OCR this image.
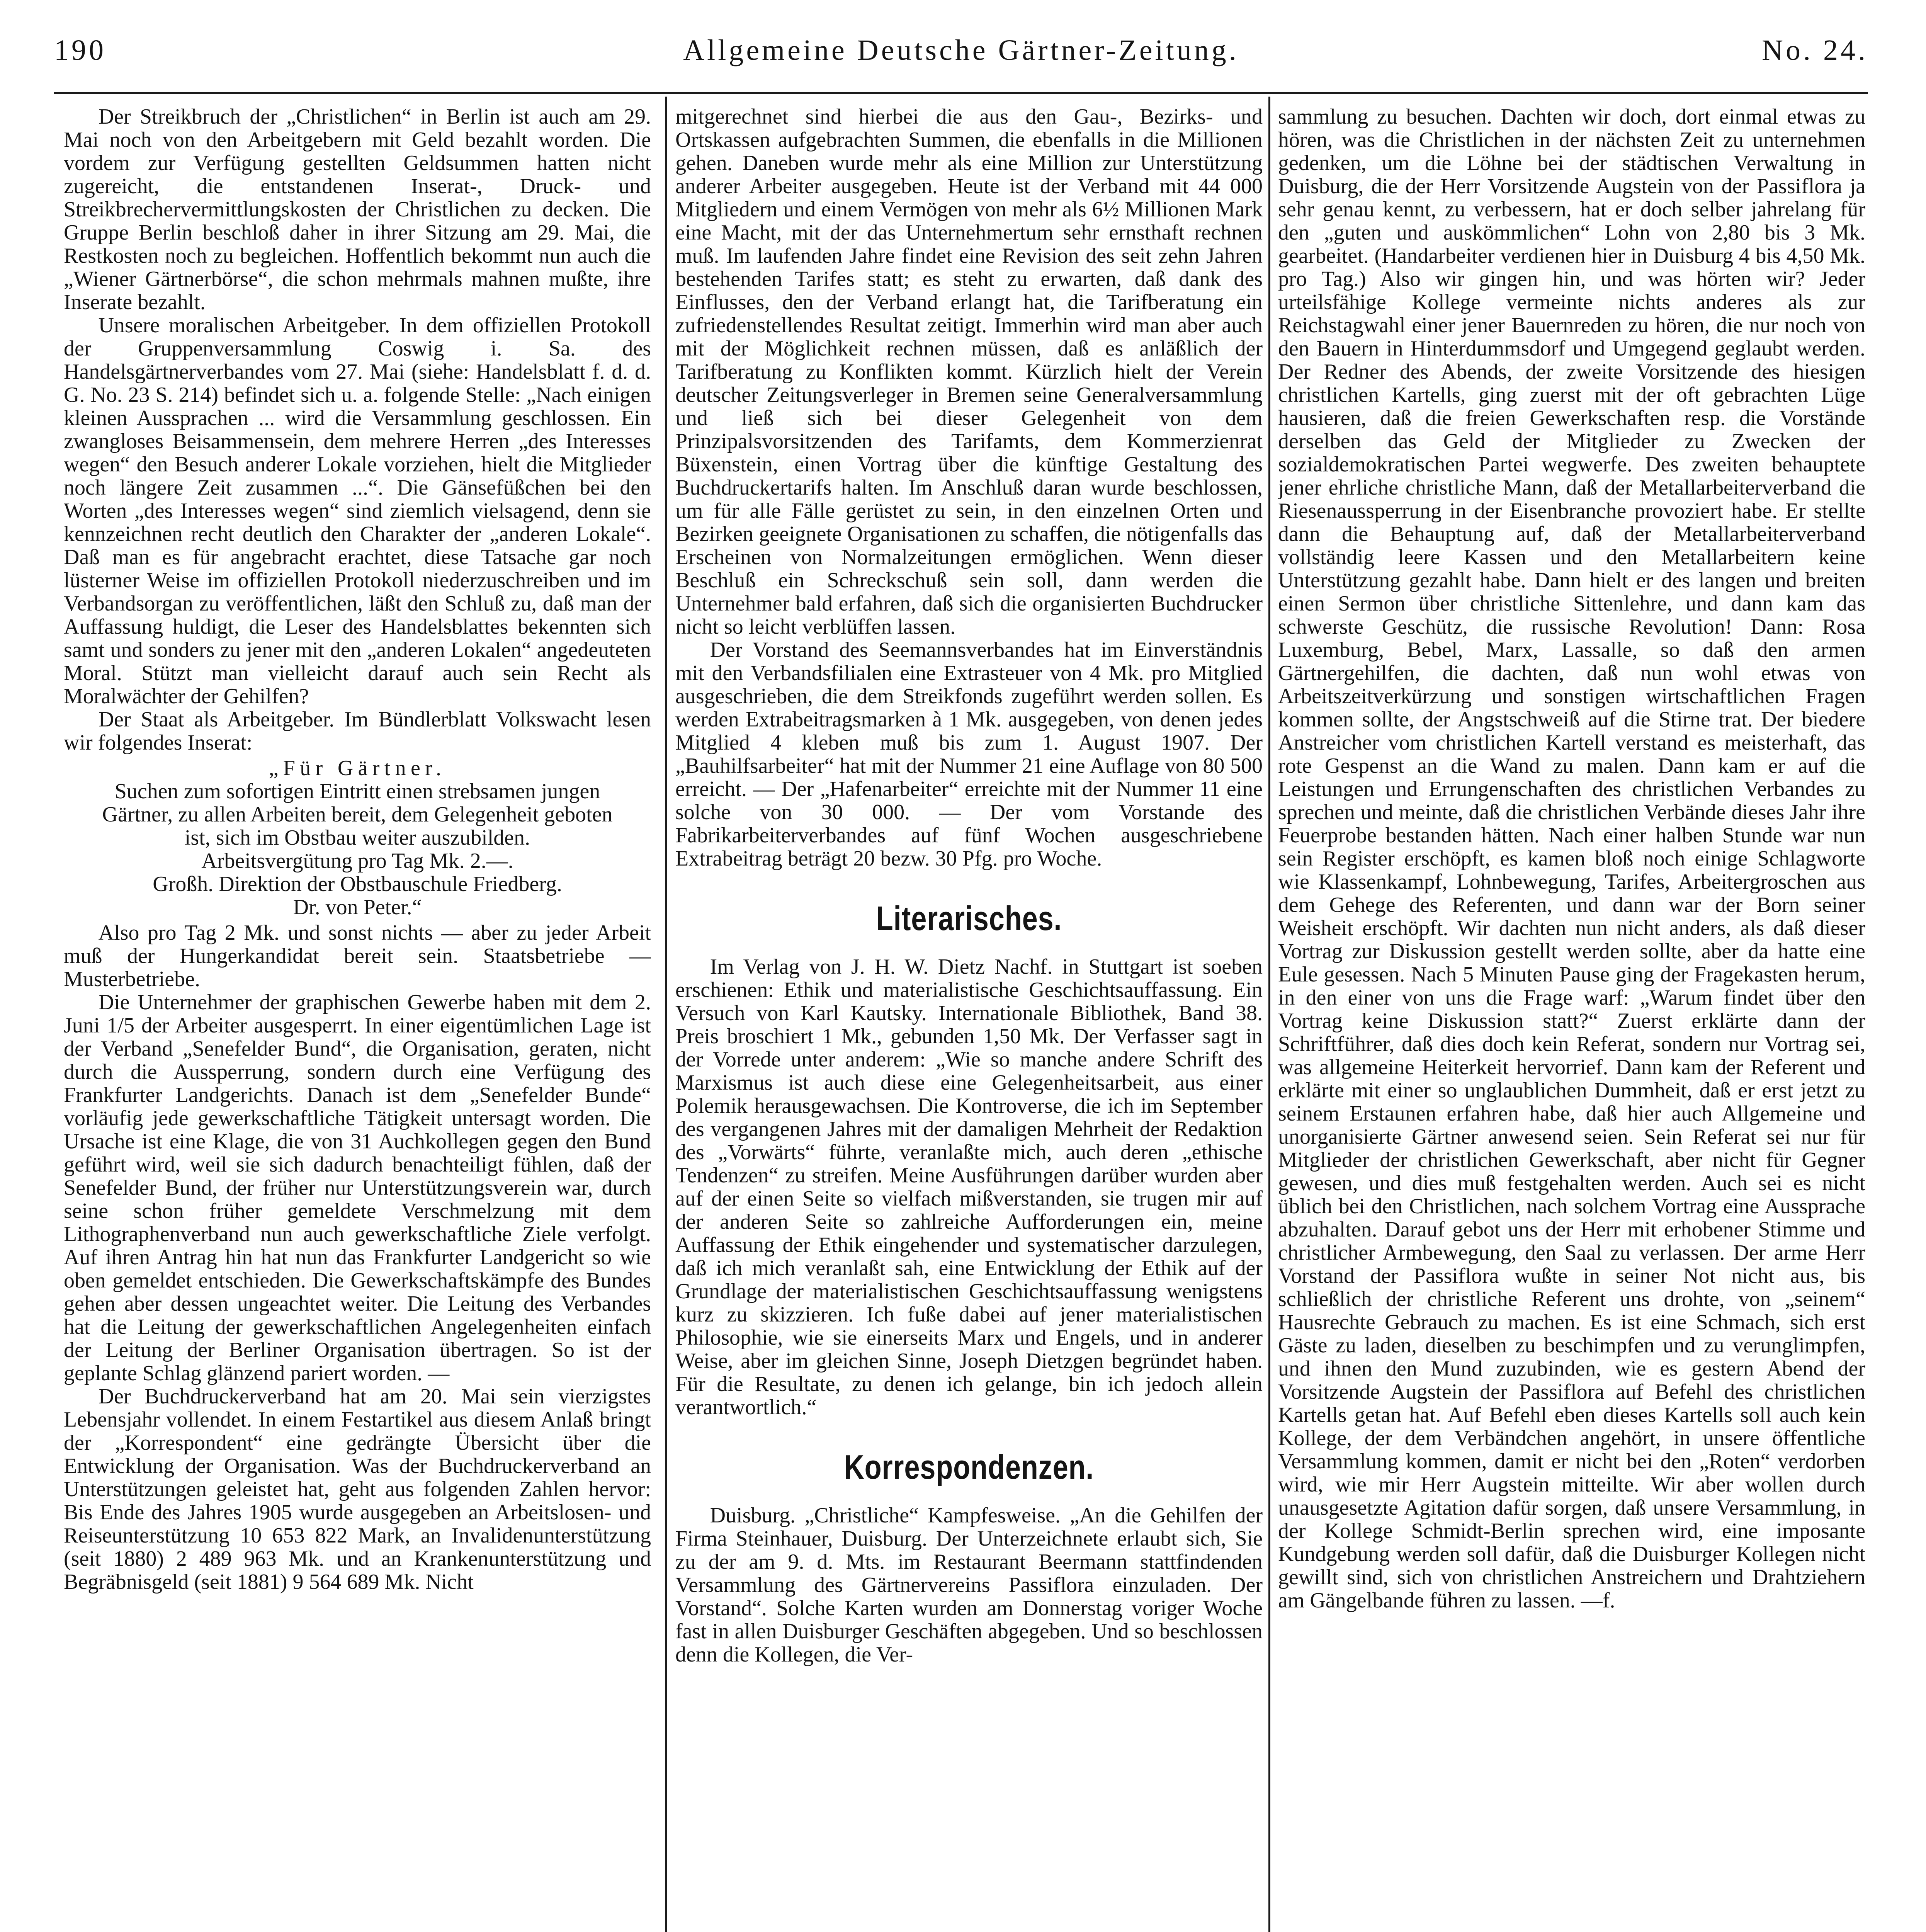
190	Allgemeine Deutsche Gärtner-Zeitung.	No. 24.

Der Streikbruch der „Christlichen“ in Berlin ist auch am 29. Mai noch von den Arbeitgebern mit Geld bezahlt worden. Die vordem zur Verfügung gestellten Geldsummen hatten nicht zugereicht, die entstandenen Inserat-, Druck- und Streikbrechervermittlungskosten der Christlichen zu decken. Die Gruppe Berlin beschloß daher in ihrer Sitzung am 29. Mai, die Restkosten noch zu begleichen. Hoffentlich bekommt nun auch die „Wiener Gärtnerbörse“, die schon mehrmals mahnen mußte, ihre Inserate bezahlt.

Unsere moralischen Arbeitgeber. In dem offiziellen Protokoll der Gruppenversammlung Coswig i. Sa. des Handelsgärtnerverbandes vom 27. Mai (siehe: Handelsblatt f. d. d. G. No. 23 S. 214) befindet sich u. a. folgende Stelle: „Nach einigen kleinen Aussprachen ... wird die Versammlung geschlossen. Ein zwangloses Beisammensein, dem mehrere Herren „des Interesses wegen“ den Besuch anderer Lokale vorziehen, hielt die Mitglieder noch längere Zeit zusammen ...“. Die Gänsefüßchen bei den Worten „des Interesses wegen“ sind ziemlich vielsagend, denn sie kennzeichnen recht deutlich den Charakter der „anderen Lokale“. Daß man es für angebracht erachtet, diese Tatsache gar noch lüsterner Weise im offiziellen Protokoll niederzuschreiben und im Verbandsorgan zu veröffentlichen, läßt den Schluß zu, daß man der Auffassung huldigt, die Leser des Handelsblattes bekennten sich samt und sonders zu jener mit den „anderen Lokalen“ angedeuteten Moral. Stützt man vielleicht darauf auch sein Recht als Moralwächter der Gehilfen?

Der Staat als Arbeitgeber. Im Bündlerblatt Volkswacht lesen wir folgendes Inserat:

„Für Gärtner.

Suchen zum sofortigen Eintritt einen strebsamen jungen Gärtner, zu allen Arbeiten bereit, dem Gelegenheit geboten ist, sich im Obstbau weiter auszubilden.

Arbeitsvergütung pro Tag Mk. 2.—.

Großh. Direktion der Obstbauschule Friedberg.

Dr. von Peter.“

Also pro Tag 2 Mk. und sonst nichts — aber zu jeder Arbeit muß der Hungerkandidat bereit sein. Staatsbetriebe — Musterbetriebe.

Die Unternehmer der graphischen Gewerbe haben mit dem 2. Juni 1/5 der Arbeiter ausgesperrt. In einer eigentümlichen Lage ist der Verband „Senefelder Bund“, die Organisation, geraten, nicht durch die Aussperrung, sondern durch eine Verfügung des Frankfurter Landgerichts. Danach ist dem „Senefelder Bunde“ vorläufig jede gewerkschaftliche Tätigkeit untersagt worden. Die Ursache ist eine Klage, die von 31 Auchkollegen gegen den Bund geführt wird, weil sie sich dadurch benachteiligt fühlen, daß der Senefelder Bund, der früher nur Unterstützungsverein war, durch seine schon früher gemeldete Verschmelzung mit dem Lithographenverband nun auch gewerkschaftliche Ziele verfolgt. Auf ihren Antrag hin hat nun das Frankfurter Landgericht so wie oben gemeldet entschieden. Die Gewerkschaftskämpfe des Bundes gehen aber dessen ungeachtet weiter. Die Leitung des Verbandes hat die Leitung der gewerkschaftlichen Angelegenheiten einfach der Leitung der Berliner Organisation übertragen. So ist der geplante Schlag glänzend pariert worden. —

Der Buchdruckerverband hat am 20. Mai sein vierzigstes Lebensjahr vollendet. In einem Festartikel aus diesem Anlaß bringt der „Korrespondent“ eine gedrängte Übersicht über die Entwicklung der Organisation. Was der Buchdruckerverband an Unterstützungen geleistet hat, geht aus folgenden Zahlen hervor: Bis Ende des Jahres 1905 wurde ausgegeben an Arbeitslosen- und Reiseunterstützung 10 653 822 Mark, an Invalidenunterstützung (seit 1880) 2 489 963 Mk. und an Krankenunterstützung und Begräbnisgeld (seit 1881) 9 564 689 Mk. Nicht

mitgerechnet sind hierbei die aus den Gau-, Bezirks- und Ortskassen aufgebrachten Summen, die ebenfalls in die Millionen gehen. Daneben wurde mehr als eine Million zur Unterstützung anderer Arbeiter ausgegeben. Heute ist der Verband mit 44 000 Mitgliedern und einem Vermögen von mehr als 6½ Millionen Mark eine Macht, mit der das Unternehmertum sehr ernsthaft rechnen muß. Im laufenden Jahre findet eine Revision des seit zehn Jahren bestehenden Tarifes statt; es steht zu erwarten, daß dank des Einflusses, den der Verband erlangt hat, die Tarifberatung ein zufriedenstellendes Resultat zeitigt. Immerhin wird man aber auch mit der Möglichkeit rechnen müssen, daß es anläßlich der Tarifberatung zu Konflikten kommt. Kürzlich hielt der Verein deutscher Zeitungsverleger in Bremen seine Generalversammlung und ließ sich bei dieser Gelegenheit von dem Prinzipalsvorsitzenden des Tarifamts, dem Kommerzienrat Büxenstein, einen Vortrag über die künftige Gestaltung des Buchdruckertarifs halten. Im Anschluß daran wurde beschlossen, um für alle Fälle gerüstet zu sein, in den einzelnen Orten und Bezirken geeignete Organisationen zu schaffen, die nötigenfalls das Erscheinen von Normalzeitungen ermöglichen. Wenn dieser Beschluß ein Schreckschuß sein soll, dann werden die Unternehmer bald erfahren, daß sich die organisierten Buchdrucker nicht so leicht verblüffen lassen.

Der Vorstand des Seemannsverbandes hat im Einverständnis mit den Verbandsfilialen eine Extrasteuer von 4 Mk. pro Mitglied ausgeschrieben, die dem Streikfonds zugeführt werden sollen. Es werden Extrabeitragsmarken à 1 Mk. ausgegeben, von denen jedes Mitglied 4 kleben muß bis zum 1. August 1907. Der „Bauhilfsarbeiter“ hat mit der Nummer 21 eine Auflage von 80 500 erreicht. — Der „Hafenarbeiter“ erreichte mit der Nummer 11 eine solche von 30 000. — Der vom Vorstande des Fabrikarbeiterverbandes auf fünf Wochen ausgeschriebene Extrabeitrag beträgt 20 bezw. 30 Pfg. pro Woche.

Literarisches.

Im Verlag von J. H. W. Dietz Nachf. in Stuttgart ist soeben erschienen: Ethik und materialistische Geschichtsauffassung. Ein Versuch von Karl Kautsky. Internationale Bibliothek, Band 38. Preis broschiert 1 Mk., gebunden 1,50 Mk. Der Verfasser sagt in der Vorrede unter anderem: „Wie so manche andere Schrift des Marxismus ist auch diese eine Gelegenheitsarbeit, aus einer Polemik herausgewachsen. Die Kontroverse, die ich im September des vergangenen Jahres mit der damaligen Mehrheit der Redaktion des „Vorwärts“ führte, veranlaßte mich, auch deren „ethische Tendenzen“ zu streifen. Meine Ausführungen darüber wurden aber auf der einen Seite so vielfach mißverstanden, sie trugen mir auf der anderen Seite so zahlreiche Aufforderungen ein, meine Auffassung der Ethik eingehender und systematischer darzulegen, daß ich mich veranlaßt sah, eine Entwicklung der Ethik auf der Grundlage der materialistischen Geschichtsauffassung wenigstens kurz zu skizzieren. Ich fuße dabei auf jener materialistischen Philosophie, wie sie einerseits Marx und Engels, und in anderer Weise, aber im gleichen Sinne, Joseph Dietzgen begründet haben. Für die Resultate, zu denen ich gelange, bin ich jedoch allein verantwortlich.“

Korrespondenzen.

Duisburg. „Christliche“ Kampfesweise. „An die Gehilfen der Firma Steinhauer, Duisburg. Der Unterzeichnete erlaubt sich, Sie zu der am 9. d. Mts. im Restaurant Beermann stattfindenden Versammlung des Gärtnervereins Passiflora einzuladen. Der Vorstand“. Solche Karten wurden am Donnerstag voriger Woche fast in allen Duisburger Geschäften abgegeben. Und so beschlossen denn die Kollegen, die Ver-

sammlung zu besuchen. Dachten wir doch, dort einmal etwas zu hören, was die Christlichen in der nächsten Zeit zu unternehmen gedenken, um die Löhne bei der städtischen Verwaltung in Duisburg, die der Herr Vorsitzende Augstein von der Passiflora ja sehr genau kennt, zu verbessern, hat er doch selber jahrelang für den „guten und auskömmlichen“ Lohn von 2,80 bis 3 Mk. gearbeitet. (Handarbeiter verdienen hier in Duisburg 4 bis 4,50 Mk. pro Tag.) Also wir gingen hin, und was hörten wir? Jeder urteilsfähige Kollege vermeinte nichts anderes als zur Reichstagwahl einer jener Bauernreden zu hören, die nur noch von den Bauern in Hinterdummsdorf und Umgegend geglaubt werden. Der Redner des Abends, der zweite Vorsitzende des hiesigen christlichen Kartells, ging zuerst mit der oft gebrachten Lüge hausieren, daß die freien Gewerkschaften resp. die Vorstände derselben das Geld der Mitglieder zu Zwecken der sozialdemokratischen Partei wegwerfe. Des zweiten behauptete jener ehrliche christliche Mann, daß der Metallarbeiterverband die Riesenaussperrung in der Eisenbranche provoziert habe. Er stellte dann die Behauptung auf, daß der Metallarbeiterverband vollständig leere Kassen und den Metallarbeitern keine Unterstützung gezahlt habe. Dann hielt er des langen und breiten einen Sermon über christliche Sittenlehre, und dann kam das schwerste Geschütz, die russische Revolution! Dann: Rosa Luxemburg, Bebel, Marx, Lassalle, so daß den armen Gärtnergehilfen, die dachten, daß nun wohl etwas von Arbeitszeitverkürzung und sonstigen wirtschaftlichen Fragen kommen sollte, der Angstschweiß auf die Stirne trat. Der biedere Anstreicher vom christlichen Kartell verstand es meisterhaft, das rote Gespenst an die Wand zu malen. Dann kam er auf die Leistungen und Errungenschaften des christlichen Verbandes zu sprechen und meinte, daß die christlichen Verbände dieses Jahr ihre Feuerprobe bestanden hätten. Nach einer halben Stunde war nun sein Register erschöpft, es kamen bloß noch einige Schlagworte wie Klassenkampf, Lohnbewegung, Tarifes, Arbeitergroschen aus dem Gehege des Referenten, und dann war der Born seiner Weisheit erschöpft. Wir dachten nun nicht anders, als daß dieser Vortrag zur Diskussion gestellt werden sollte, aber da hatte eine Eule gesessen. Nach 5 Minuten Pause ging der Fragekasten herum, in den einer von uns die Frage warf: „Warum findet über den Vortrag keine Diskussion statt?“ Zuerst erklärte dann der Schriftführer, daß dies doch kein Referat, sondern nur Vortrag sei, was allgemeine Heiterkeit hervorrief. Dann kam der Referent und erklärte mit einer so unglaublichen Dummheit, daß er erst jetzt zu seinem Erstaunen erfahren habe, daß hier auch Allgemeine und unorganisierte Gärtner anwesend seien. Sein Referat sei nur für Mitglieder der christlichen Gewerkschaft, aber nicht für Gegner gewesen, und dies muß festgehalten werden. Auch sei es nicht üblich bei den Christlichen, nach solchem Vortrag eine Aussprache abzuhalten. Darauf gebot uns der Herr mit erhobener Stimme und christlicher Armbewegung, den Saal zu verlassen. Der arme Herr Vorstand der Passiflora wußte in seiner Not nicht aus, bis schließlich der christliche Referent uns drohte, von „seinem“ Hausrechte Gebrauch zu machen. Es ist eine Schmach, sich erst Gäste zu laden, dieselben zu beschimpfen und zu verunglimpfen, und ihnen den Mund zuzubinden, wie es gestern Abend der Vorsitzende Augstein der Passiflora auf Befehl des christlichen Kartells getan hat. Auf Befehl eben dieses Kartells soll auch kein Kollege, der dem Verbändchen angehört, in unsere öffentliche Versammlung kommen, damit er nicht bei den „Roten“ verdorben wird, wie mir Herr Augstein mitteilte. Wir aber wollen durch unausgesetzte Agitation dafür sorgen, daß unsere Versammlung, in der Kollege Schmidt-Berlin sprechen wird, eine imposante Kundgebung werden soll dafür, daß die Duisburger Kollegen nicht gewillt sind, sich von christlichen Anstreichern und Drahtziehern am Gängelbande führen zu lassen. —f.
